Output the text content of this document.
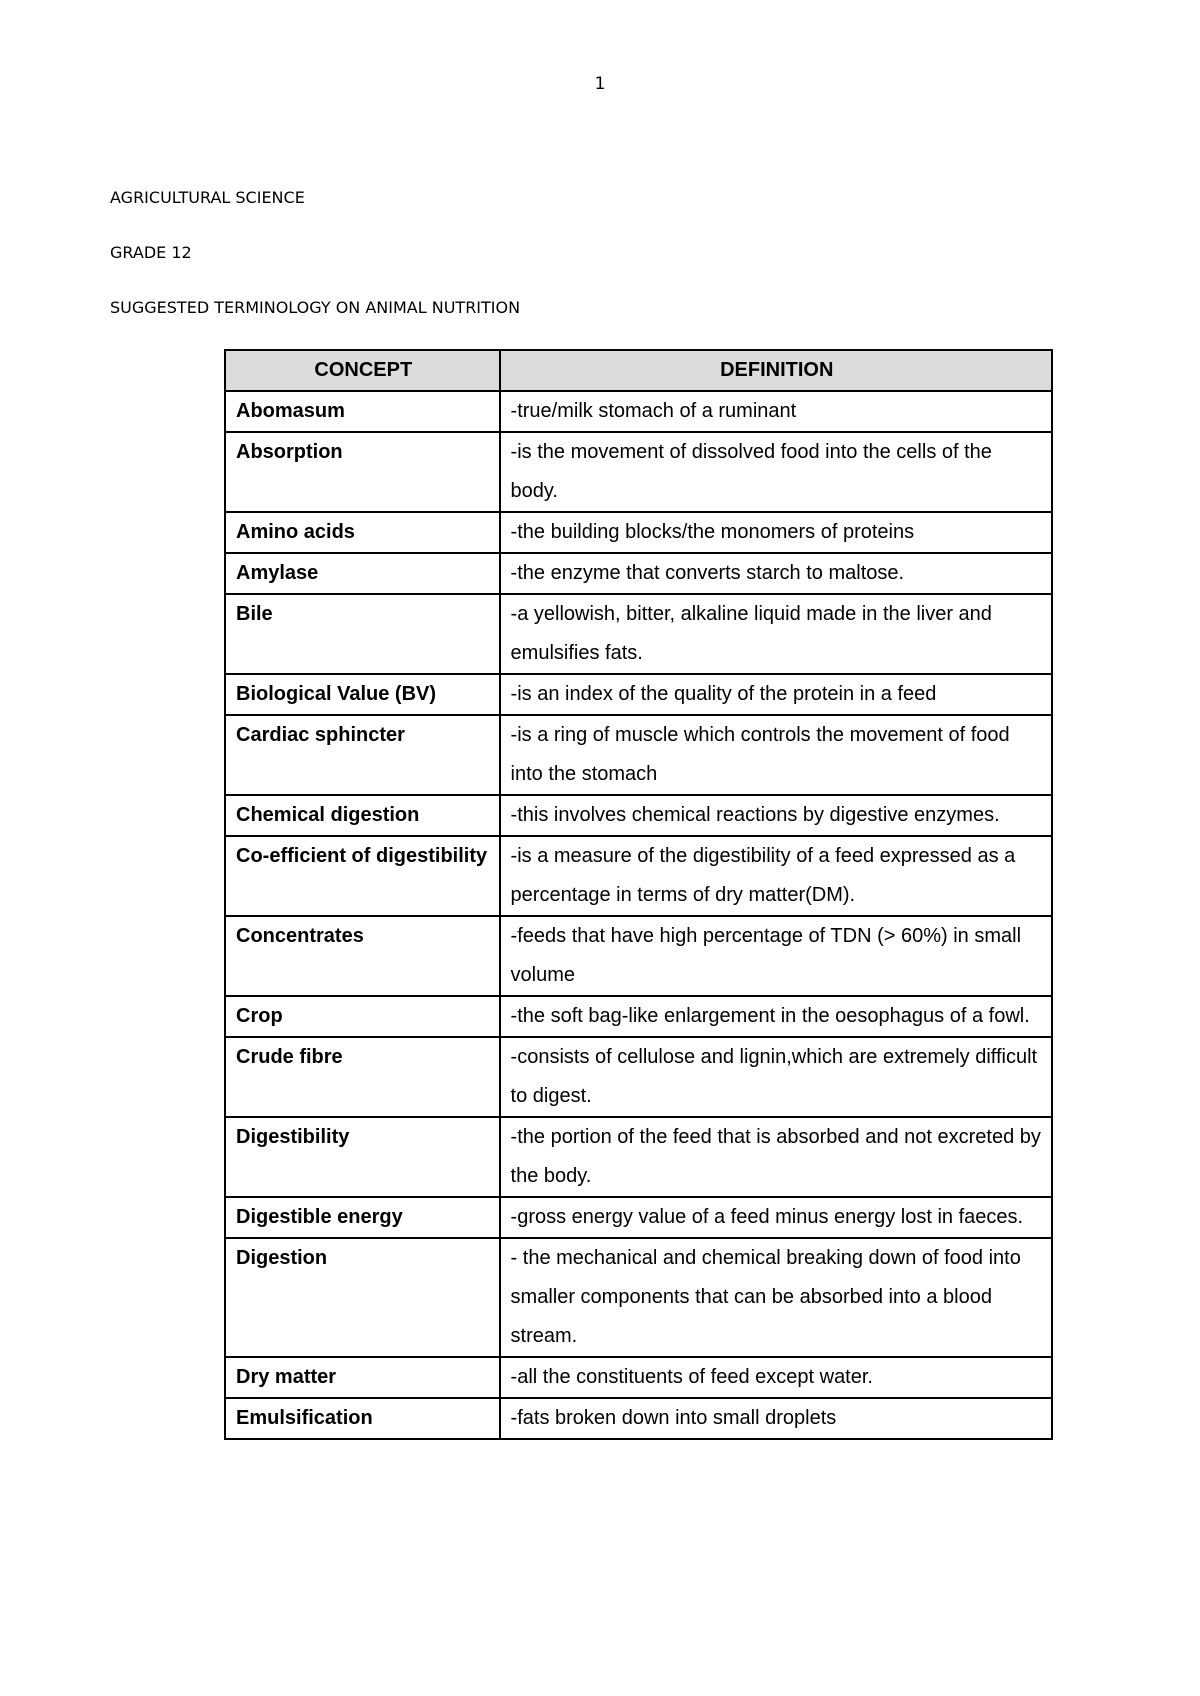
1
AGRICULTURAL SCIENCE
GRADE 12
SUGGESTED TERMINOLOGY ON ANIMAL NUTRITION
CONCEPT	DEFINITION
Abomasum	-true/milk stomach of a ruminant
Absorption	-is the movement of dissolved food into the cells of the body.
Amino acids	-the building blocks/the monomers of proteins
Amylase	-the enzyme that converts starch to maltose.
Bile	-a yellowish, bitter, alkaline liquid made in the liver and emulsifies fats.
Biological Value (BV)	-is an index of the quality of the protein in a feed
Cardiac sphincter	-is a ring of muscle which controls the movement of food into the stomach
Chemical digestion	-this involves chemical reactions by digestive enzymes.
Co-efficient of digestibility	-is a measure of the digestibility of a feed expressed as a percentage in terms of dry matter(DM).
Concentrates	-feeds that have high percentage of TDN (> 60%) in small volume
Crop	-the soft bag-like enlargement in the oesophagus of a fowl.
Crude fibre	-consists of cellulose and lignin,which are extremely difficult to digest.
Digestibility	-the portion of the feed that is absorbed and not excreted by the body.
Digestible energy	-gross energy value of a feed minus energy lost in faeces.
Digestion	- the mechanical and chemical breaking down of food into smaller components that can be absorbed into a blood stream.
Dry matter	-all the constituents of feed except water.
Emulsification	-fats broken down into small droplets
